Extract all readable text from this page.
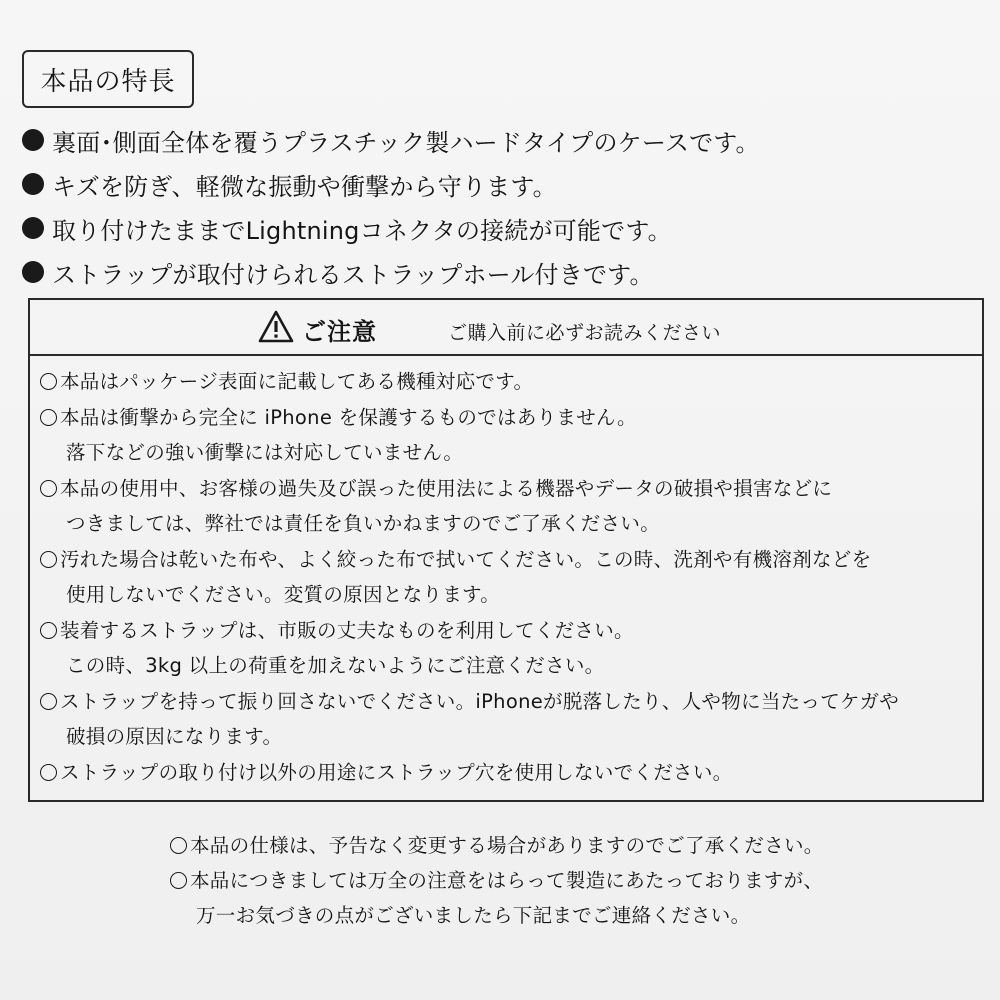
本品の特長
裏面･側面全体を覆うプラスチック製ハードタイプのケースです。
キズを防ぎ、軽微な振動や衝撃から守ります。
取り付けたままでLightningコネクタの接続が可能です。
ストラップが取付けられるストラップホール付きです。
ご注意	ご購入前に必ずお読みください
本品はパッケージ表面に記載してある機種対応です。
本品は衝撃から完全に iPhone を保護するものではありません。
落下などの強い衝撃には対応していません。
本品の使用中、お客様の過失及び誤った使用法による機器やデータの破損や損害などに
つきましては、弊社では責任を負いかねますのでご了承ください。
汚れた場合は乾いた布や、よく絞った布で拭いてください。この時、洗剤や有機溶剤などを
使用しないでください。変質の原因となります。
装着するストラップは、市販の丈夫なものを利用してください。
この時、3kg 以上の荷重を加えないようにご注意ください。
ストラップを持って振り回さないでください。iPhoneが脱落したり、人や物に当たってケガや
破損の原因になります。
ストラップの取り付け以外の用途にストラップ穴を使用しないでください。
本品の仕様は、予告なく変更する場合がありますのでご了承ください。
本品につきましては万全の注意をはらって製造にあたっておりますが、
万一お気づきの点がございましたら下記までご連絡ください。
